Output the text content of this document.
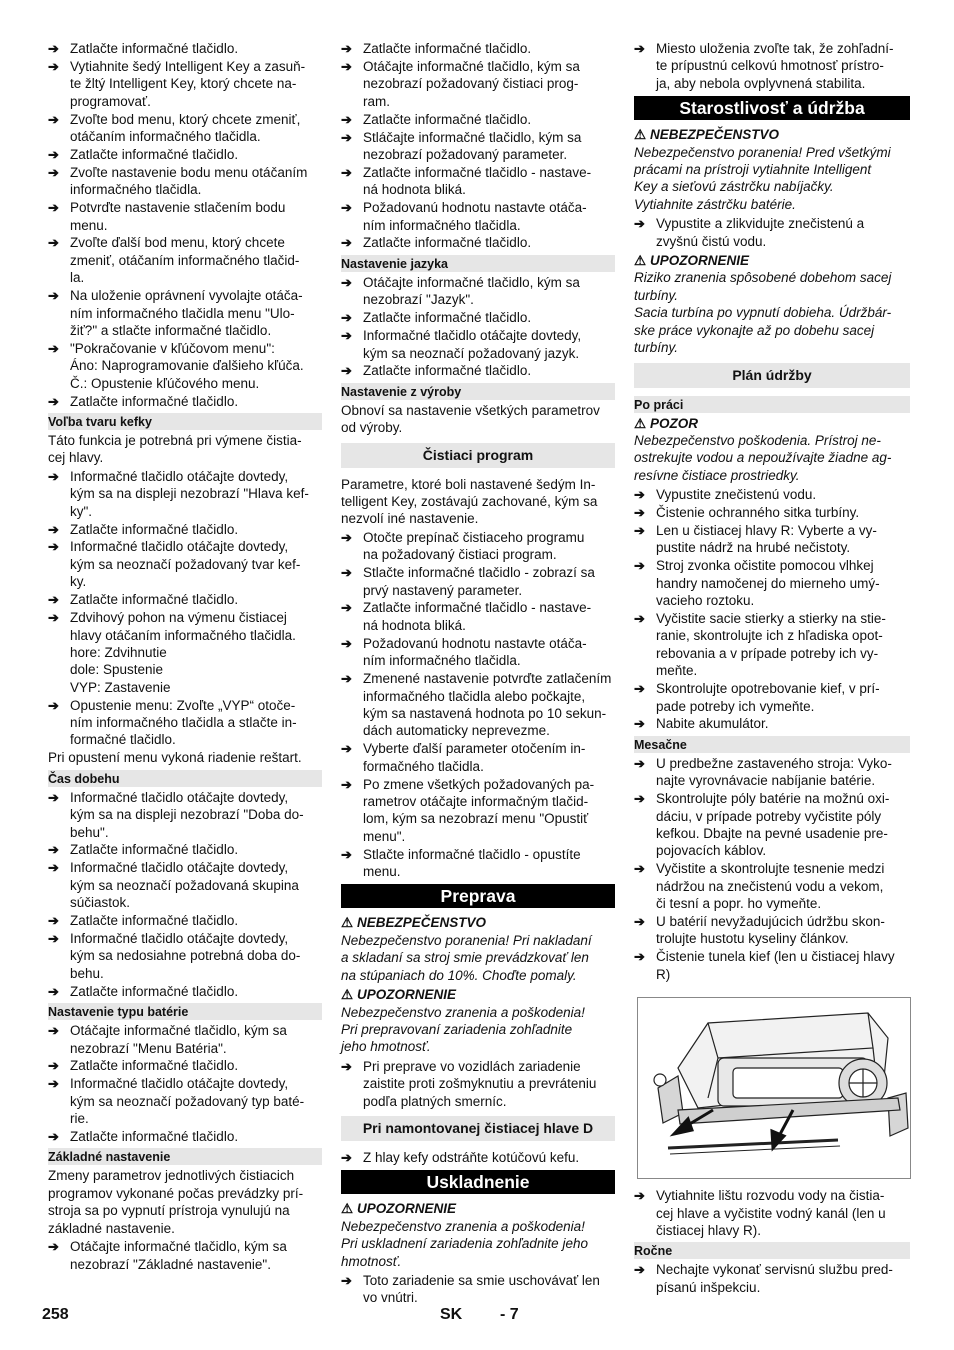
➔ Zatlačte informačné tlačidlo.
➔ Vytiahnite šedý Intelligent Key a zasuň-
te žltý Intelligent Key, ktorý chcete na-
programovať.
➔ Zvoľte bod menu, ktorý chcete zmeniť,
otáčaním informačného tlačidla.
➔ Zatlačte informačné tlačidlo.
➔ Zvoľte nastavenie bodu menu otáčaním
informačného tlačidla.
➔ Potvrďte nastavenie stlačením bodu
menu.
➔ Zvoľte ďalší bod menu, ktorý chcete
zmeniť, otáčaním informačného tlačid-
la.
➔ Na uloženie oprávnení vyvolajte otáča-
ním informačného tlačidla menu "Ulo-
žiť?" a stlačte informačné tlačidlo.
➔ "Pokračovanie v kľúčovom menu":
Áno: Naprogramovanie ďalšieho kľúča.
Č.: Opustenie kľúčového menu.
➔ Zatlačte informačné tlačidlo.
Voľba tvaru kefky
Táto funkcia je potrebná pri výmene čistia-
cej hlavy.
➔ Informačné tlačidlo otáčajte dovtedy,
kým sa na displeji nezobrazí "Hlava kef-
ky".
➔ Zatlačte informačné tlačidlo.
➔ Informačné tlačidlo otáčajte dovtedy,
kým sa neoznačí požadovaný tvar kef-
ky.
➔ Zatlačte informačné tlačidlo.
➔ Zdvihový pohon na výmenu čistiacej
hlavy otáčaním informačného tlačidla.
hore: Zdvihnutie
dole: Spustenie
VYP: Zastavenie
➔ Opustenie menu: Zvoľte „VYP“ otoče-
ním informačného tlačidla a stlačte in-
formačné tlačidlo.
Pri opustení menu vykoná riadenie reštart.
Čas dobehu
➔ Informačné tlačidlo otáčajte dovtedy,
kým sa na displeji nezobrazí "Doba do-
behu".
➔ Zatlačte informačné tlačidlo.
➔ Informačné tlačidlo otáčajte dovtedy,
kým sa neoznačí požadovaná skupina
súčiastok.
➔ Zatlačte informačné tlačidlo.
➔ Informačné tlačidlo otáčajte dovtedy,
kým sa nedosiahne potrebná doba do-
behu.
➔ Zatlačte informačné tlačidlo.
Nastavenie typu batérie
➔ Otáčajte informačné tlačidlo, kým sa
nezobrazí "Menu Batéria".
➔ Zatlačte informačné tlačidlo.
➔ Informačné tlačidlo otáčajte dovtedy,
kým sa neoznačí požadovaný typ baté-
rie.
➔ Zatlačte informačné tlačidlo.
Základné nastavenie
Zmeny parametrov jednotlivých čistiacich
programov vykonané počas prevádzky prí-
stroja sa po vypnutí prístroja vynulujú na
základné nastavenie.
➔ Otáčajte informačné tlačidlo, kým sa
nezobrazí "Základné nastavenie".
➔ Zatlačte informačné tlačidlo.
➔ Otáčajte informačné tlačidlo, kým sa
nezobrazí požadovaný čistiaci prog-
ram.
➔ Zatlačte informačné tlačidlo.
➔ Stláčajte informačné tlačidlo, kým sa
nezobrazí požadovaný parameter.
➔ Zatlačte informačné tlačidlo - nastave-
ná hodnota bliká.
➔ Požadovanú hodnotu nastavte otáča-
ním informačného tlačidla.
➔ Zatlačte informačné tlačidlo.
Nastavenie jazyka
➔ Otáčajte informačné tlačidlo, kým sa
nezobrazí "Jazyk".
➔ Zatlačte informačné tlačidlo.
➔ Informačné tlačidlo otáčajte dovtedy,
kým sa neoznačí požadovaný jazyk.
➔ Zatlačte informačné tlačidlo.
Nastavenie z výroby
Obnoví sa nastavenie všetkých parametrov
od výroby.
Čistiaci program
Parametre, ktoré boli nastavené šedým In-
telligent Key, zostávajú zachované, kým sa
nezvolí iné nastavenie.
➔ Otočte prepínač čistiaceho programu
na požadovaný čistiaci program.
➔ Stlačte informačné tlačidlo - zobrazí sa
prvý nastavený parameter.
➔ Zatlačte informačné tlačidlo - nastave-
ná hodnota bliká.
➔ Požadovanú hodnotu nastavte otáča-
ním informačného tlačidla.
➔ Zmenené nastavenie potvrďte zatlačením
informačného tlačidla alebo počkajte,
kým sa nastavená hodnota po 10 sekun-
dách automaticky neprevezme.
➔ Vyberte ďalší parameter otočením in-
formačného tlačidla.
➔ Po zmene všetkých požadovaných pa-
rametrov otáčajte informačným tlačid-
lom, kým sa nezobrazí menu "Opustiť
menu".
➔ Stlačte informačné tlačidlo - opustíte
menu.
Preprava
⚠ NEBEZPEČENSTVO
Nebezpečenstvo poranenia! Pri nakladaní
a skladaní sa stroj smie prevádzkovať len
na stúpaniach do 10%. Choďte pomaly.
⚠ UPOZORNENIE
Nebezpečenstvo zranenia a poškodenia!
Pri prepravovaní zariadenia zohľadnite
jeho hmotnosť.
➔ Pri preprave vo vozidlách zariadenie
zaistite proti zošmyknutiu a prevráteniu
podľa platných smerníc.
Pri namontovanej čistiacej hlave D
➔ Z hlay kefy odstráňte kotúčovú kefu.
Uskladnenie
⚠ UPOZORNENIE
Nebezpečenstvo zranenia a poškodenia!
Pri uskladnení zariadenia zohľadnite jeho
hmotnosť.
➔ Toto zariadenie sa smie uschovávať len
vo vnútri.
➔ Miesto uloženia zvoľte tak, že zohľadní-
te prípustnú celkovú hmotnosť prístro-
ja, aby nebola ovplyvnená stabilita.
Starostlivosť a údržba
⚠ NEBEZPEČENSTVO
Nebezpečenstvo poranenia! Pred všetkými
prácami na prístroji vytiahnite Intelligent
Key a sieťovú zástrčku nabíjačky.
Vytiahnite zástrčku batérie.
➔ Vypustite a zlikvidujte znečistenú a
zvyšnú čistú vodu.
⚠ UPOZORNENIE
Riziko zranenia spôsobené dobehom sacej
turbíny.
Sacia turbína po vypnutí dobieha. Údržbár-
ske práce vykonajte až po dobehu sacej
turbíny.
Plán údržby
Po práci
⚠ POZOR
Nebezpečenstvo poškodenia. Prístroj ne-
ostrekujte vodou a nepoužívajte žiadne ag-
resívne čistiace prostriedky.
➔ Vypustite znečistenú vodu.
➔ Čistenie ochranného sitka turbíny.
➔ Len u čistiacej hlavy R: Vyberte a vy-
pustite nádrž na hrubé nečistoty.
➔ Stroj zvonka očistite pomocou vlhkej
handry namočenej do mierneho umý-
vacieho roztoku.
➔ Vyčistite sacie stierky a stierky na stie-
ranie, skontrolujte ich z hľadiska opot-
rebovania a v prípade potreby ich vy-
meňte.
➔ Skontrolujte opotrebovanie kief, v prí-
pade potreby ich vymeňte.
➔ Nabite akumulátor.
Mesačne
➔ U predbežne zastaveného stroja: Vyko-
najte vyrovnávacie nabíjanie batérie.
➔ Skontrolujte póly batérie na možnú oxi-
dáciu, v prípade potreby vyčistite póly
kefkou. Dbajte na pevné usadenie pre-
pojovacích káblov.
➔ Vyčistite a skontrolujte tesnenie medzi
nádržou na znečistenú vodu a vekom,
či tesní a popr. ho vymeňte.
➔ U batérií nevyžadujúcich údržbu skon-
trolujte hustotu kyseliny článkov.
➔ Čistenie tunela kief (len u čistiacej hlavy
R)
➔ Vytiahnite lištu rozvodu vody na čistia-
cej hlave a vyčistite vodný kanál (len u
čistiacej hlavy R).
Ročne
➔ Nechajte vykonať servisnú službu pred-
písanú inšpekciu.
258	SK - 7
